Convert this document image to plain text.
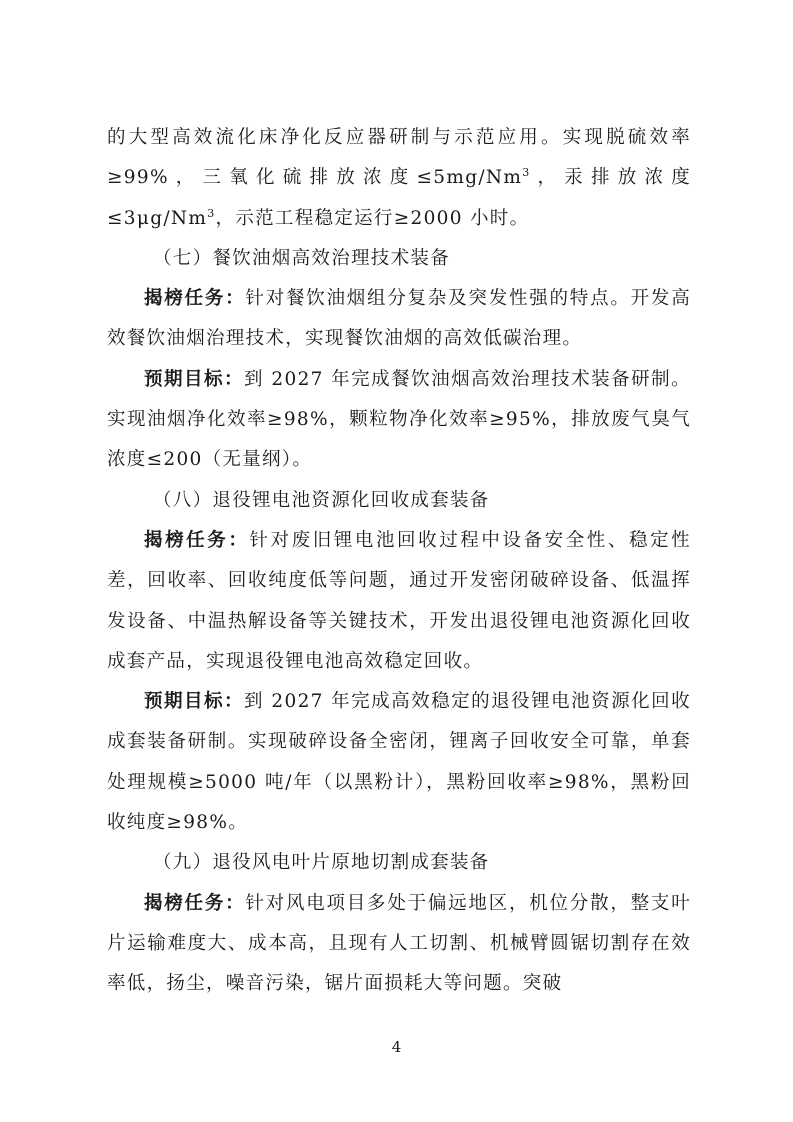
的大型高效流化床净化反应器研制与示范应用。实现脱硫效率≥99%，三氧化硫排放浓度$\le 5mg/Nm^3$，汞排放浓度$\le 3\mu g/Nm^3$，示范工程稳定运行≥2000 小时。

（七）餐饮油烟高效治理技术装备

揭榜任务：针对餐饮油烟组分复杂及突发性强的特点。开发高效餐饮油烟治理技术，实现餐饮油烟的高效低碳治理。

预期目标：到 2027 年完成餐饮油烟高效治理技术装备研制。实现油烟净化效率≥98%，颗粒物净化效率≥95%，排放废气臭气浓度≤200（无量纲）。

（八）退役锂电池资源化回收成套装备

揭榜任务：针对废旧锂电池回收过程中设备安全性、稳定性差，回收率、回收纯度低等问题，通过开发密闭破碎设备、低温挥发设备、中温热解设备等关键技术，开发出退役锂电池资源化回收成套产品，实现退役锂电池高效稳定回收。

预期目标：到 2027 年完成高效稳定的退役锂电池资源化回收成套装备研制。实现破碎设备全密闭，锂离子回收安全可靠，单套处理规模≥5000 吨/年（以黑粉计），黑粉回收率≥98%，黑粉回收纯度≥98%。

（九）退役风电叶片原地切割成套装备

揭榜任务：针对风电项目多处于偏远地区，机位分散，整支叶片运输难度大、成本高，且现有人工切割、机械臂圆锯切割存在效率低，扬尘，噪音污染，锯片面损耗大等问题。突破

4
